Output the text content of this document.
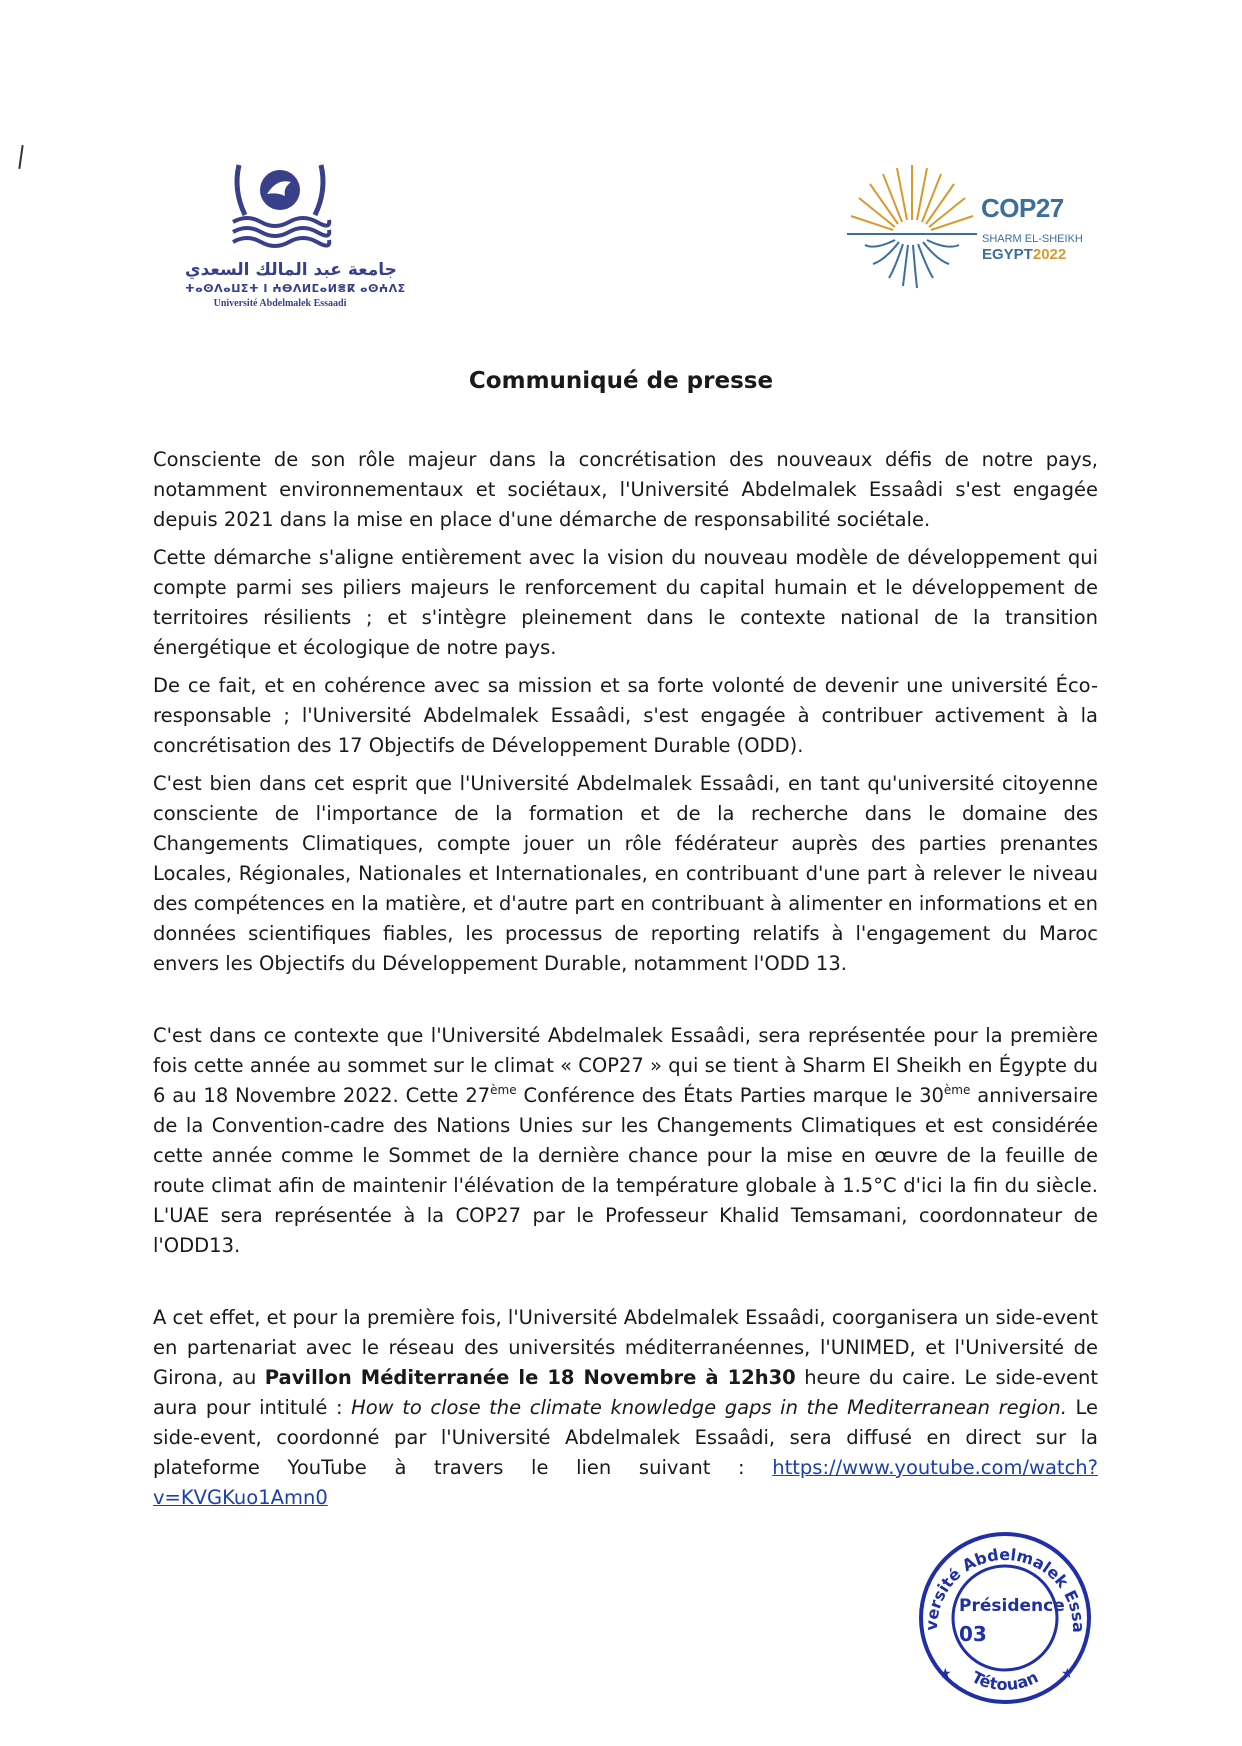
جامعة عبد المالك السعدي
ⵜⴰⵙⴷⴰⵡⵉⵜ ⵏ ⵄⴱⴷⵍⵎⴰⵍⴻⴽ ⴰⵙⵄⴷⵉ
Université Abdelmalek Essaadi
COP27
SHARM EL-SHEIKH
EGYPT2022
Communiqué de presse

Consciente de son rôle majeur dans la concrétisation des nouveaux défis de notre pays, notamment environnementaux et sociétaux, l'Université Abdelmalek Essaâdi s'est engagée depuis 2021 dans la mise en place d'une démarche de responsabilité sociétale.

Cette démarche s'aligne entièrement avec la vision du nouveau modèle de développement qui compte parmi ses piliers majeurs le renforcement du capital humain et le développement de territoires résilients ; et s'intègre pleinement dans le contexte national de la transition énergétique et écologique de notre pays.

De ce fait, et en cohérence avec sa mission et sa forte volonté de devenir une université Éco-responsable ; l'Université Abdelmalek Essaâdi, s'est engagée à contribuer activement à la concrétisation des 17 Objectifs de Développement Durable (ODD).

C'est bien dans cet esprit que l'Université Abdelmalek Essaâdi, en tant qu'université citoyenne consciente de l'importance de la formation et de la recherche dans le domaine des Changements Climatiques, compte jouer un rôle fédérateur auprès des parties prenantes Locales, Régionales, Nationales et Internationales, en contribuant d'une part à relever le niveau des compétences en la matière, et d'autre part en contribuant à alimenter en informations et en données scientifiques fiables, les processus de reporting relatifs à l'engagement du Maroc envers les Objectifs du Développement Durable, notamment l'ODD 13.

C'est dans ce contexte que l'Université Abdelmalek Essaâdi, sera représentée pour la première fois cette année au sommet sur le climat « COP27 » qui se tient à Sharm El Sheikh en Égypte du 6 au 18 Novembre 2022. Cette 27ème Conférence des États Parties marque le 30ème anniversaire de la Convention-cadre des Nations Unies sur les Changements Climatiques et est considérée cette année comme le Sommet de la dernière chance pour la mise en œuvre de la feuille de route climat afin de maintenir l'élévation de la température globale à 1.5°C d'ici la fin du siècle. L'UAE sera représentée à la COP27 par le Professeur Khalid Temsamani, coordonnateur de l'ODD13.

A cet effet, et pour la première fois, l'Université Abdelmalek Essaâdi, coorganisera un side-event en partenariat avec le réseau des universités méditerranéennes, l'UNIMED, et l'Université de Girona, au Pavillon Méditerranée le 18 Novembre à 12h30 heure du caire. Le side-event aura pour intitulé : How to close the climate knowledge gaps in the Mediterranean region. Le side-event, coordonné par l'Université Abdelmalek Essaâdi, sera diffusé en direct sur la plateforme YouTube à travers le lien suivant : https://www.youtube.com/watch?v=KVGKuo1Amn0

versité Abdelmalek Essa
Tétouan
★	★
Présidence
03
